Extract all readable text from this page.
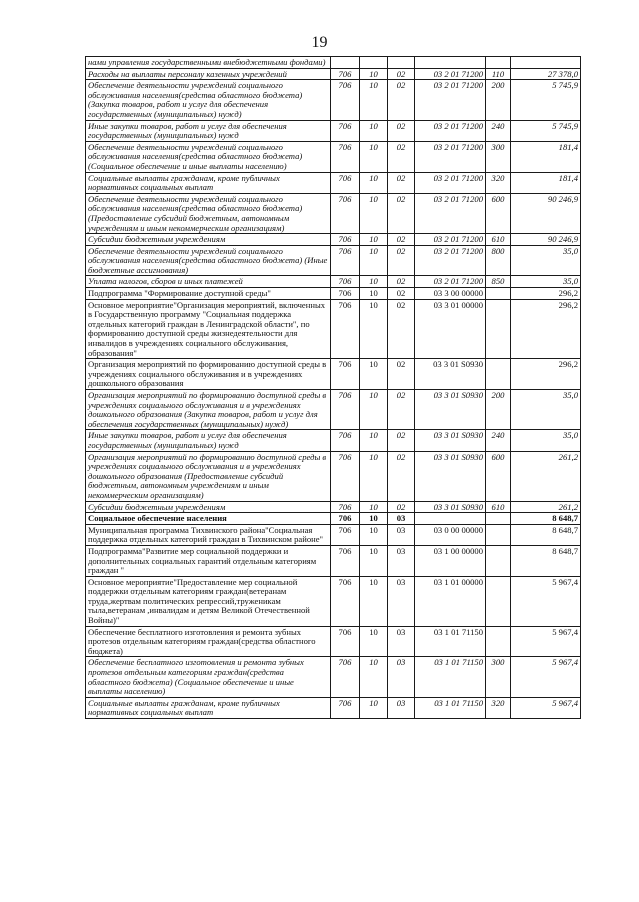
19
нами управления государственными внебюджетными фондами)						
Расходы на выплаты персоналу казенных учреждений	706	10	02	03 2 01 71200	110	27 378,0
Обеспечение деятельности учреждений социального обслуживания населения(средства областного бюджета) (Закупка товаров, работ и услуг для обеспечения государственных (муниципальных) нужд)	706	10	02	03 2 01 71200	200	5 745,9
Иные закупки товаров, работ и услуг для обеспечения государственных (муниципальных) нужд	706	10	02	03 2 01 71200	240	5 745,9
Обеспечение деятельности учреждений социального обслуживания населения(средства областного бюджета) (Социальное обеспечение и иные выплаты населению)	706	10	02	03 2 01 71200	300	181,4
Социальные выплаты гражданам, кроме публичных нормативных социальных выплат	706	10	02	03 2 01 71200	320	181,4
Обеспечение деятельности учреждений социального обслуживания населения(средства областного бюджета) (Предоставление субсидий бюджетным, автономным учреждениям и иным некоммерческим организациям)	706	10	02	03 2 01 71200	600	90 246,9
Субсидии бюджетным учреждениям	706	10	02	03 2 01 71200	610	90 246,9
Обеспечение деятельности учреждений социального обслуживания населения(средства областного бюджета) (Иные бюджетные ассигнования)	706	10	02	03 2 01 71200	800	35,0
Уплата налогов, сборов и иных платежей	706	10	02	03 2 01 71200	850	35,0
Подпрограмма "Формирование доступной среды"	706	10	02	03 3 00 00000		296,2
Основное мероприятие"Организация мероприятий, включенных в Государственную программу "Социальная поддержка отдельных категорий граждан в Ленинградской области", по формированию доступной среды жизнедеятельности для инвалидов в учреждениях социального обслуживания, образования"	706	10	02	03 3 01 00000		296,2
Организация мероприятий по формированию доступной среды в учреждениях социального обслуживания и в учреждениях дошкольного образования	706	10	02	03 3 01 S0930		296,2
Организация мероприятий по формированию доступной среды в учреждениях социального обслуживания и в учреждениях дошкольного образования (Закупка товаров, работ и услуг для обеспечения государственных (муниципальных) нужд)	706	10	02	03 3 01 S0930	200	35,0
Иные закупки товаров, работ и услуг для обеспечения государственных (муниципальных) нужд	706	10	02	03 3 01 S0930	240	35,0
Организация мероприятий по формированию доступной среды в учреждениях социального обслуживания и в учреждениях дошкольного образования (Предоставление субсидий бюджетным, автономным учреждениям и иным некоммерческим организациям)	706	10	02	03 3 01 S0930	600	261,2
Субсидии бюджетным учреждениям	706	10	02	03 3 01 S0930	610	261,2
Социальное обеспечение населения	706	10	03			8 648,7
Муниципальная программа Тихвинского района"Социальная поддержка отдельных категорий граждан в Тихвинском районе"	706	10	03	03 0 00 00000		8 648,7
Подпрограмма"Развитие мер социальной поддержки и дополнительных социальных гарантий отдельным категориям граждан "	706	10	03	03 1 00 00000		8 648,7
Основное мероприятие"Предоставление мер социальной поддержки отдельным категориям граждан(ветеранам труда,жертвам политических репрессий,труженикам тыла,ветеранам ,инвалидам и детям Великой Отечественной Войны)"	706	10	03	03 1 01 00000		5 967,4
Обеспечение бесплатного изготовления и ремонта зубных протезов отдельным категориям граждан(средства областного бюджета)	706	10	03	03 1 01 71150		5 967,4
Обеспечение бесплатного изготовления и ремонта зубных протезов отдельным категориям граждан(средства областного бюджета) (Социальное обеспечение и иные выплаты населению)	706	10	03	03 1 01 71150	300	5 967,4
Социальные выплаты гражданам, кроме публичных нормативных социальных выплат	706	10	03	03 1 01 71150	320	5 967,4
